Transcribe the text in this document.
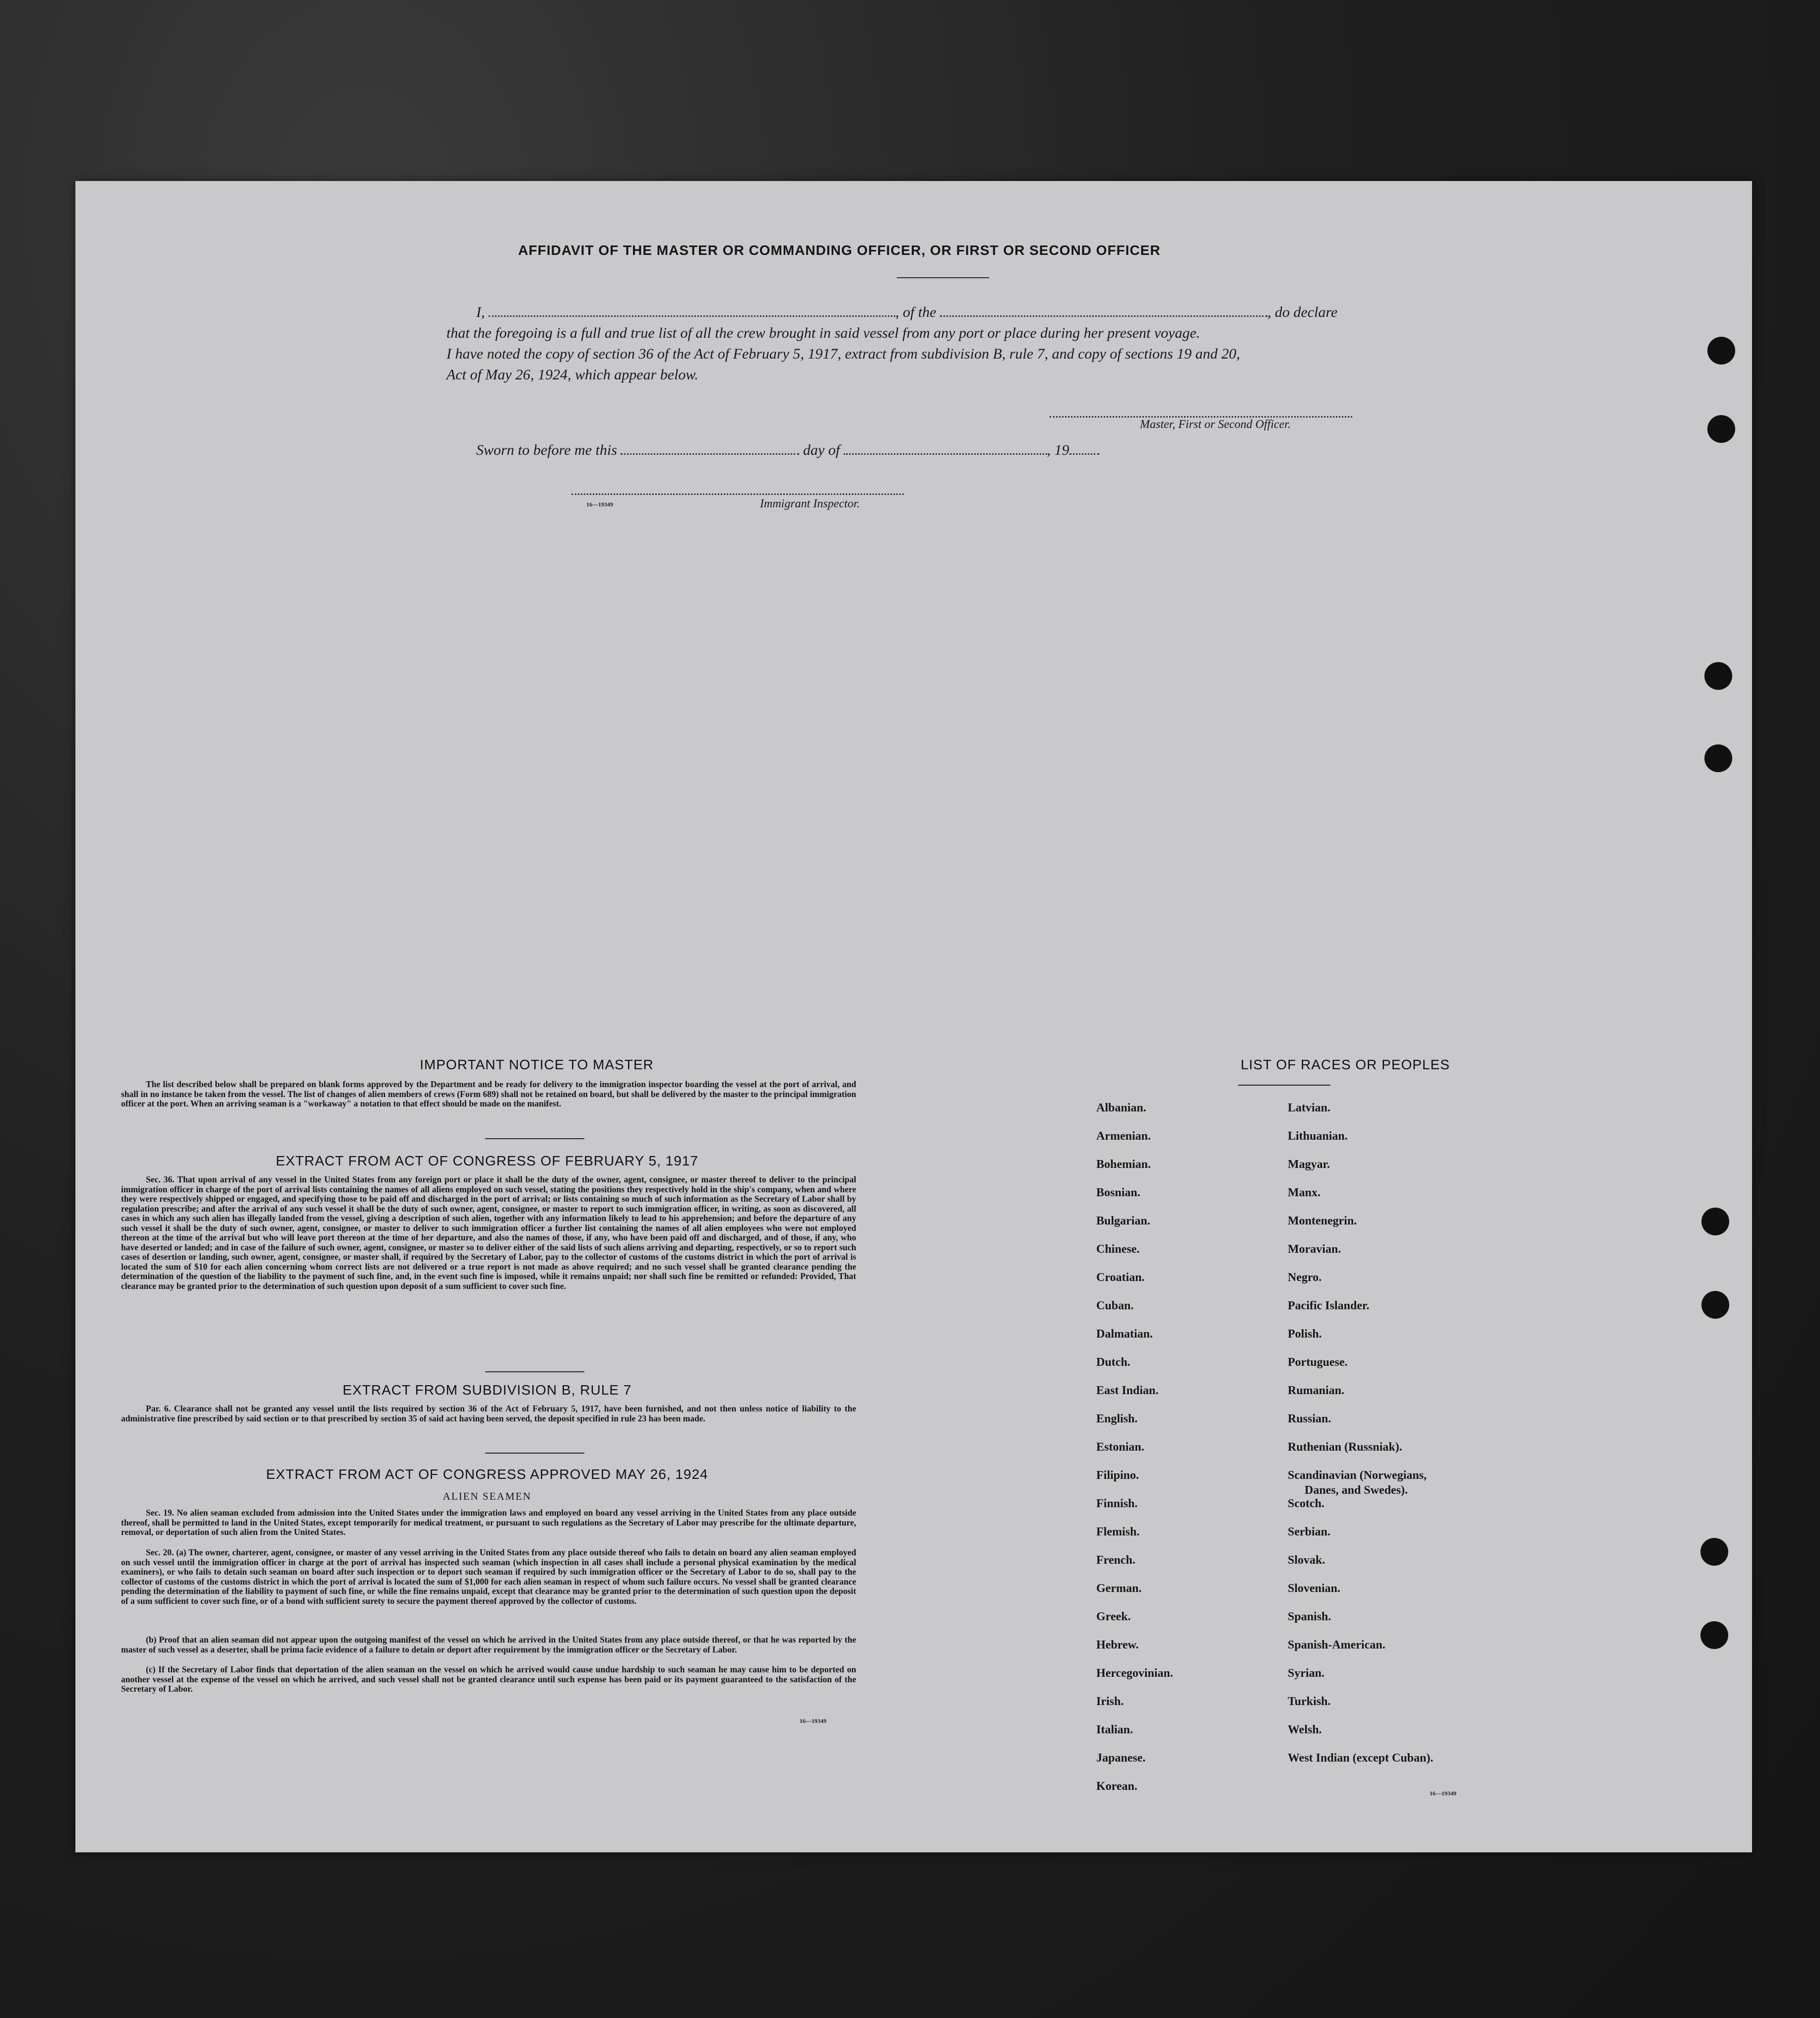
AFFIDAVIT OF THE MASTER OR COMMANDING OFFICER, OR FIRST OR SECOND OFFICER
I,	, of the	, do declare
that the foregoing is a full and true list of all the crew brought in said vessel from any port or place during her present voyage.
I have noted the copy of section 36 of the Act of February 5, 1917, extract from subdivision B, rule 7, and copy of sections 19 and 20,
Act of May 26, 1924, which appear below.
Master, First or Second Officer.
Sworn to before me this	day of	, 19
16—19349	Immigrant Inspector.
IMPORTANT NOTICE TO MASTER
The list described below shall be prepared on blank forms approved by the Department and be ready for delivery to the immigration inspector boarding the vessel at the port of arrival, and shall in no instance be taken from the vessel. The list of changes of alien members of crews (Form 689) shall not be retained on board, but shall be delivered by the master to the principal immigration officer at the port. When an arriving seaman is a "workaway" a notation to that effect should be made on the manifest.
EXTRACT FROM ACT OF CONGRESS OF FEBRUARY 5, 1917
Sec. 36. That upon arrival of any vessel in the United States from any foreign port or place it shall be the duty of the owner, agent, consignee, or master thereof to deliver to the principal immigration officer in charge of the port of arrival lists containing the names of all aliens employed on such vessel, stating the positions they respectively hold in the ship's company, when and where they were respectively shipped or engaged, and specifying those to be paid off and discharged in the port of arrival; or lists containing so much of such information as the Secretary of Labor shall by regulation prescribe; and after the arrival of any such vessel it shall be the duty of such owner, agent, consignee, or master to report to such immigration officer, in writing, as soon as discovered, all cases in which any such alien has illegally landed from the vessel, giving a description of such alien, together with any information likely to lead to his apprehension; and before the departure of any such vessel it shall be the duty of such owner, agent, consignee, or master to deliver to such immigration officer a further list containing the names of all alien employees who were not employed thereon at the time of the arrival but who will leave port thereon at the time of her departure, and also the names of those, if any, who have been paid off and discharged, and of those, if any, who have deserted or landed; and in case of the failure of such owner, agent, consignee, or master so to deliver either of the said lists of such aliens arriving and departing, respectively, or so to report such cases of desertion or landing, such owner, agent, consignee, or master shall, if required by the Secretary of Labor, pay to the collector of customs of the customs district in which the port of arrival is located the sum of $10 for each alien concerning whom correct lists are not delivered or a true report is not made as above required; and no such vessel shall be granted clearance pending the determination of the question of the liability to the payment of such fine, and, in the event such fine is imposed, while it remains unpaid; nor shall such fine be remitted or refunded: Provided, That clearance may be granted prior to the determination of such question upon deposit of a sum sufficient to cover such fine.
EXTRACT FROM SUBDIVISION B, RULE 7
Par. 6. Clearance shall not be granted any vessel until the lists required by section 36 of the Act of February 5, 1917, have been furnished, and not then unless notice of liability to the administrative fine prescribed by said section or to that prescribed by section 35 of said act having been served, the deposit specified in rule 23 has been made.
EXTRACT FROM ACT OF CONGRESS APPROVED MAY 26, 1924
ALIEN SEAMEN
Sec. 19. No alien seaman excluded from admission into the United States under the immigration laws and employed on board any vessel arriving in the United States from any place outside thereof, shall be permitted to land in the United States, except temporarily for medical treatment, or pursuant to such regulations as the Secretary of Labor may prescribe for the ultimate departure, removal, or deportation of such alien from the United States.
Sec. 20. (a) The owner, charterer, agent, consignee, or master of any vessel arriving in the United States from any place outside thereof who fails to detain on board any alien seaman employed on such vessel until the immigration officer in charge at the port of arrival has inspected such seaman (which inspection in all cases shall include a personal physical examination by the medical examiners), or who fails to detain such seaman on board after such inspection or to deport such seaman if required by such immigration officer or the Secretary of Labor to do so, shall pay to the collector of customs of the customs district in which the port of arrival is located the sum of $1,000 for each alien seaman in respect of whom such failure occurs. No vessel shall be granted clearance pending the determination of the liability to payment of such fine, or while the fine remains unpaid, except that clearance may be granted prior to the determination of such question upon the deposit of a sum sufficient to cover such fine, or of a bond with sufficient surety to secure the payment thereof approved by the collector of customs.
(b) Proof that an alien seaman did not appear upon the outgoing manifest of the vessel on which he arrived in the United States from any place outside thereof, or that he was reported by the master of such vessel as a deserter, shall be prima facie evidence of a failure to detain or deport after requirement by the immigration officer or the Secretary of Labor.
(c) If the Secretary of Labor finds that deportation of the alien seaman on the vessel on which he arrived would cause undue hardship to such seaman he may cause him to be deported on another vessel at the expense of the vessel on which he arrived, and such vessel shall not be granted clearance until such expense has been paid or its payment guaranteed to the satisfaction of the Secretary of Labor.
16—19349
LIST OF RACES OR PEOPLES
16—19349
Albanian.
Armenian.
Bohemian.
Bosnian.
Bulgarian.
Chinese.
Croatian.
Cuban.
Dalmatian.
Dutch.
East Indian.
English.
Estonian.
Filipino.
Finnish.
Flemish.
French.
German.
Greek.
Hebrew.
Hercegovinian.
Irish.
Italian.
Japanese.
Korean.
Latvian.
Lithuanian.
Magyar.
Manx.
Montenegrin.
Moravian.
Negro.
Pacific Islander.
Polish.
Portuguese.
Rumanian.
Russian.
Ruthenian (Russniak).
Scandinavian (Norwegians,
Danes, and Swedes).
Scotch.
Serbian.
Slovak.
Slovenian.
Spanish.
Spanish-American.
Syrian.
Turkish.
Welsh.
West Indian (except Cuban).
